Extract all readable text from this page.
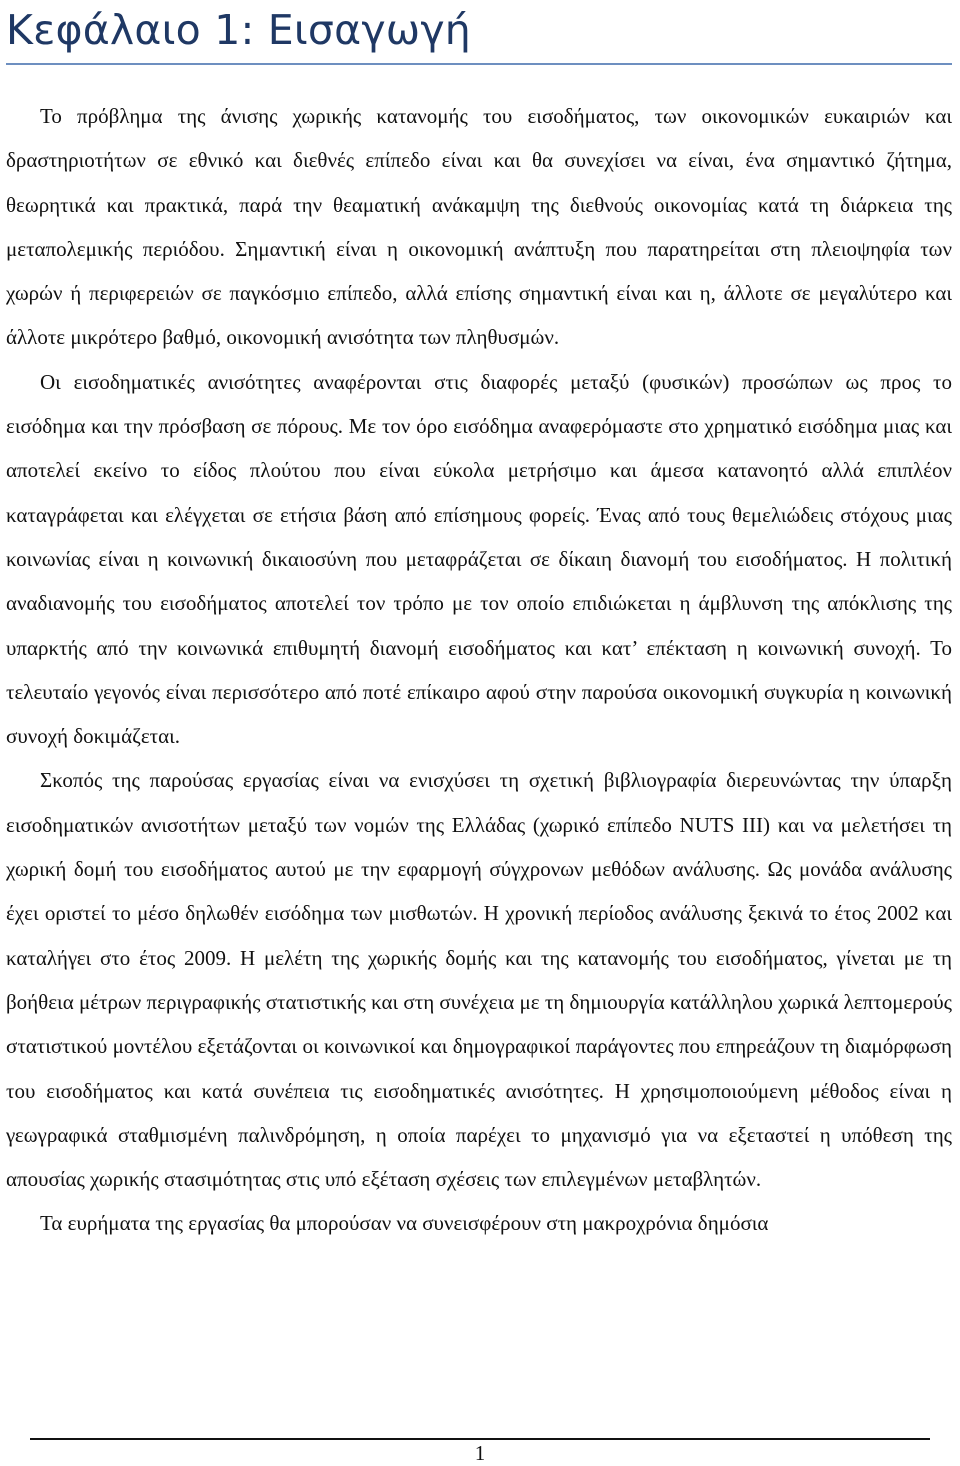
Κεφάλαιο 1: Εισαγωγή

Το πρόβλημα της άνισης χωρικής κατανομής του εισοδήματος, των οικονομικών ευκαιριών και δραστηριοτήτων σε εθνικό και διεθνές επίπεδο είναι και θα συνεχίσει να είναι, ένα σημαντικό ζήτημα, θεωρητικά και πρακτικά, παρά την θεαματική ανάκαμψη της διεθνούς οικονομίας κατά τη διάρκεια της μεταπολεμικής περιόδου. Σημαντική είναι η οικονομική ανάπτυξη που παρατηρείται στη πλειοψηφία των χωρών ή περιφερειών σε παγκόσμιο επίπεδο, αλλά επίσης σημαντική είναι και η, άλλοτε σε μεγαλύτερο και άλλοτε μικρότερο βαθμό, οικονομική ανισότητα των πληθυσμών.

Οι εισοδηματικές ανισότητες αναφέρονται στις διαφορές μεταξύ (φυσικών) προσώπων ως προς το εισόδημα και την πρόσβαση σε πόρους. Με τον όρο εισόδημα αναφερόμαστε στο χρηματικό εισόδημα μιας και αποτελεί εκείνο το είδος πλούτου που είναι εύκολα μετρήσιμο και άμεσα κατανοητό αλλά επιπλέον καταγράφεται και ελέγχεται σε ετήσια βάση από επίσημους φορείς. Ένας από τους θεμελιώδεις στόχους μιας κοινωνίας είναι η κοινωνική δικαιοσύνη που μεταφράζεται σε δίκαιη διανομή του εισοδήματος. Η πολιτική αναδιανομής του εισοδήματος αποτελεί τον τρόπο με τον οποίο επιδιώκεται η άμβλυνση της απόκλισης της υπαρκτής από την κοινωνικά επιθυμητή διανομή εισοδήματος και κατ’ επέκταση η κοινωνική συνοχή. Το τελευταίο γεγονός είναι περισσότερο από ποτέ επίκαιρο αφού στην παρούσα οικονομική συγκυρία η κοινωνική συνοχή δοκιμάζεται.

Σκοπός της παρούσας εργασίας είναι να ενισχύσει τη σχετική βιβλιογραφία διερευνώντας την ύπαρξη εισοδηματικών ανισοτήτων μεταξύ των νομών της Ελλάδας (χωρικό επίπεδο NUTS III) και να μελετήσει τη χωρική δομή του εισοδήματος αυτού με την εφαρμογή σύγχρονων μεθόδων ανάλυσης. Ως μονάδα ανάλυσης έχει οριστεί το μέσο δηλωθέν εισόδημα των μισθωτών. Η χρονική περίοδος ανάλυσης ξεκινά το έτος 2002 και καταλήγει στο έτος 2009. Η μελέτη της χωρικής δομής και της κατανομής του εισοδήματος, γίνεται με τη βοήθεια μέτρων περιγραφικής στατιστικής και στη συνέχεια με τη δημιουργία κατάλληλου χωρικά λεπτομερούς στατιστικού μοντέλου εξετάζονται οι κοινωνικοί και δημογραφικοί παράγοντες που επηρεάζουν τη διαμόρφωση του εισοδήματος και κατά συνέπεια τις εισοδηματικές ανισότητες. Η χρησιμοποιούμενη μέθοδος είναι η γεωγραφικά σταθμισμένη παλινδρόμηση, η οποία παρέχει το μηχανισμό για να εξεταστεί η υπόθεση της απουσίας χωρικής στασιμότητας στις υπό εξέταση σχέσεις των επιλεγμένων μεταβλητών.

Τα ευρήματα της εργασίας θα μπορούσαν να συνεισφέρουν στη μακροχρόνια δημόσια

1
